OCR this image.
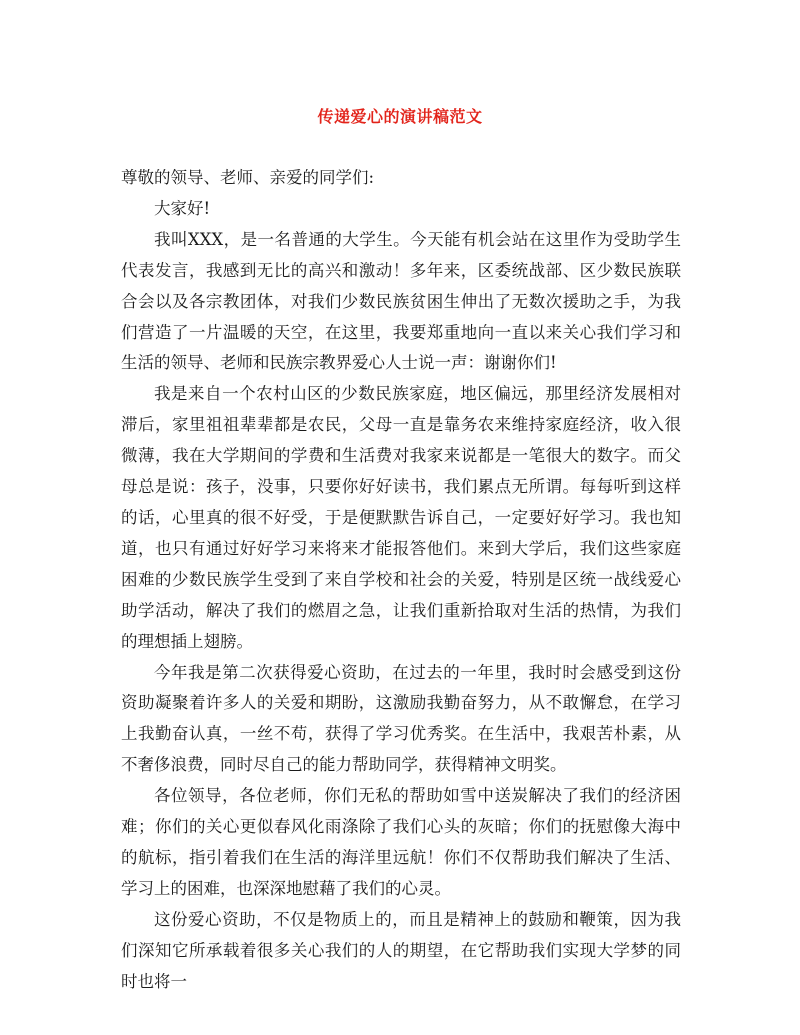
传递爱心的演讲稿范文

尊敬的领导、老师、亲爱的同学们:

大家好!

我叫XXX，是一名普通的大学生。今天能有机会站在这里作为受助学生代表发言，我感到无比的高兴和激动！多年来，区委统战部、区少数民族联合会以及各宗教团体，对我们少数民族贫困生伸出了无数次援助之手，为我们营造了一片温暖的天空，在这里，我要郑重地向一直以来关心我们学习和生活的领导、老师和民族宗教界爱心人士说一声：谢谢你们!

我是来自一个农村山区的少数民族家庭，地区偏远，那里经济发展相对滞后，家里祖祖辈辈都是农民，父母一直是靠务农来维持家庭经济，收入很微薄，我在大学期间的学费和生活费对我家来说都是一笔很大的数字。而父母总是说：孩子，没事，只要你好好读书，我们累点无所谓。每每听到这样的话，心里真的很不好受，于是便默默告诉自己，一定要好好学习。我也知道，也只有通过好好学习来将来才能报答他们。来到大学后，我们这些家庭困难的少数民族学生受到了来自学校和社会的关爱，特别是区统一战线爱心助学活动，解决了我们的燃眉之急，让我们重新拾取对生活的热情，为我们的理想插上翅膀。

今年我是第二次获得爱心资助，在过去的一年里，我时时会感受到这份资助凝聚着许多人的关爱和期盼，这激励我勤奋努力，从不敢懈怠，在学习上我勤奋认真，一丝不苟，获得了学习优秀奖。在生活中，我艰苦朴素，从不奢侈浪费，同时尽自己的能力帮助同学，获得精神文明奖。

各位领导，各位老师，你们无私的帮助如雪中送炭解决了我们的经济困难；你们的关心更似春风化雨涤除了我们心头的灰暗；你们的抚慰像大海中的航标，指引着我们在生活的海洋里远航！你们不仅帮助我们解决了生活、学习上的困难，也深深地慰藉了我们的心灵。

这份爱心资助，不仅是物质上的，而且是精神上的鼓励和鞭策，因为我们深知它所承载着很多关心我们的人的期望，在它帮助我们实现大学梦的同时也将一
